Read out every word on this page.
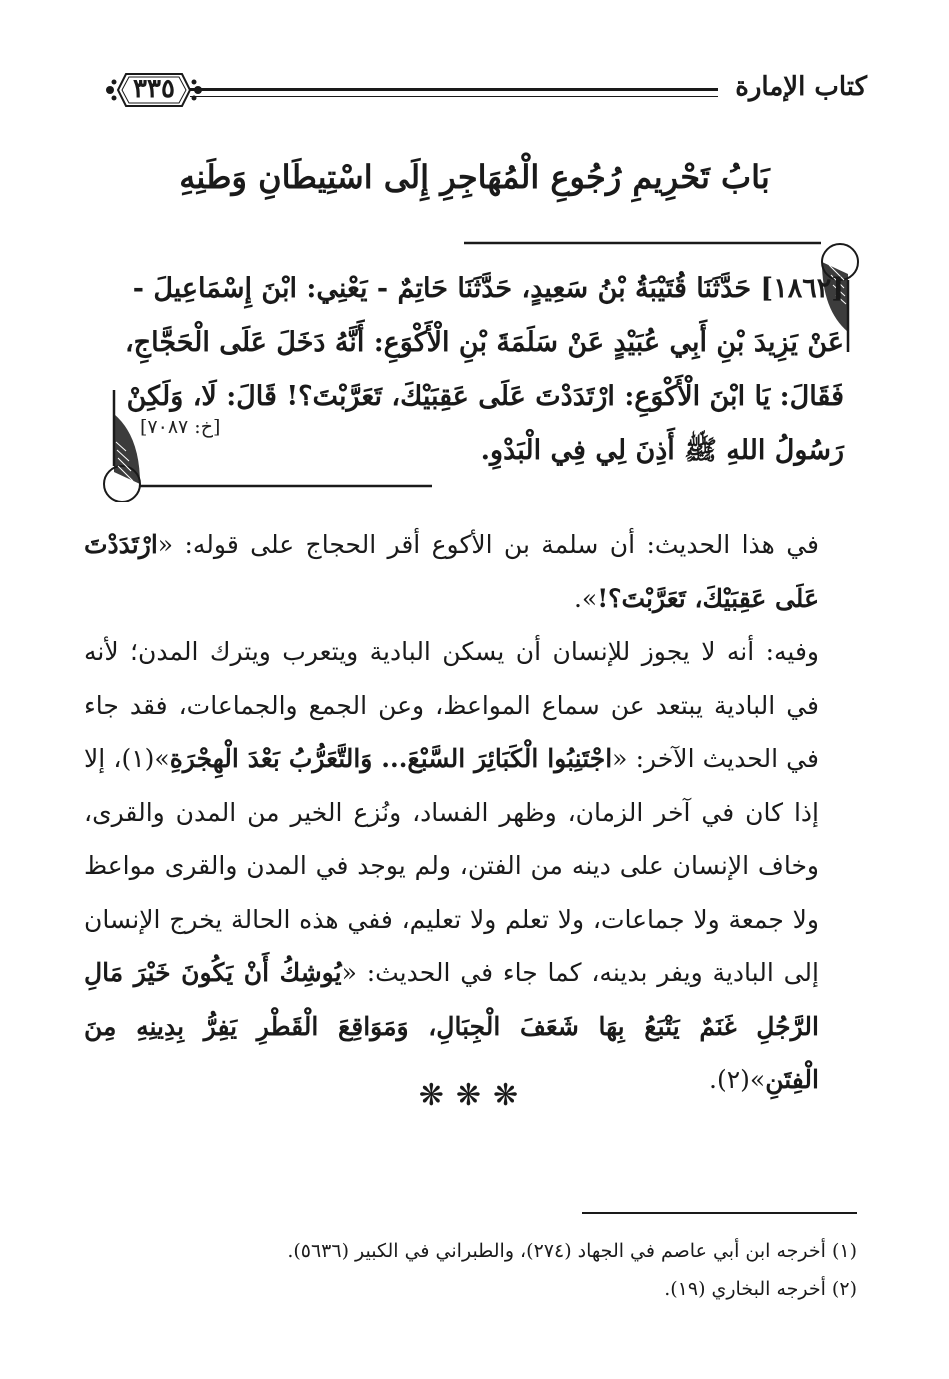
كتاب الإمارة
٣٣٥
بَابُ تَحْرِيمِ رُجُوعِ الْمُهَاجِرِ إِلَى اسْتِيطَانِ وَطَنِهِ
[١٨٦٢] حَدَّثَنَا قُتَيْبَةُ بْنُ سَعِيدٍ، حَدَّثَنَا حَاتِمٌ - يَعْنِي: ابْنَ إِسْمَاعِيلَ -
عَنْ يَزِيدَ بْنِ أَبِي عُبَيْدٍ عَنْ سَلَمَةَ بْنِ الْأَكْوَعِ: أَنَّهُ دَخَلَ عَلَى الْحَجَّاجِ،
فَقَالَ: يَا ابْنَ الْأَكْوَعِ: ارْتَدَدْتَ عَلَى عَقِبَيْكَ، تَعَرَّبْتَ؟! قَالَ: لَا، وَلَكِنْ
رَسُولُ اللهِ ﷺ أَذِنَ لِي فِي الْبَدْوِ.
[خ: ٧٠٨٧]

في هذا الحديث: أن سلمة بن الأكوع أقر الحجاج على قوله: «ارْتَدَدْتَ عَلَى عَقِبَيْكَ، تَعَرَّبْتَ؟!».

وفيه: أنه لا يجوز للإنسان أن يسكن البادية ويتعرب ويترك المدن؛ لأنه في البادية يبتعد عن سماع المواعظ، وعن الجمع والجماعات، فقد جاء في الحديث الآخر: «اجْتَنِبُوا الْكَبَائِرَ السَّبْعَ... وَالتَّعَرُّبُ بَعْدَ الْهِجْرَةِ»(١)، إلا إذا كان في آخر الزمان، وظهر الفساد، ونُزع الخير من المدن والقرى، وخاف الإنسان على دينه من الفتن، ولم يوجد في المدن والقرى مواعظ ولا جمعة ولا جماعات، ولا تعلم ولا تعليم، ففي هذه الحالة يخرج الإنسان إلى البادية ويفر بدينه، كما جاء في الحديث: «يُوشِكُ أَنْ يَكُونَ خَيْرَ مَالِ الرَّجُلِ غَنَمٌ يَتْبَعُ بِهَا شَعَفَ الْجِبَالِ، وَمَوَاقِعَ الْقَطْرِ يَفِرُّ بِدِينِهِ مِنَ الْفِتَنِ»(٢).

❋❋❋
(١) أخرجه ابن أبي عاصم في الجهاد (٢٧٤)، والطبراني في الكبير (٥٦٣٦).
(٢) أخرجه البخاري (١٩).
